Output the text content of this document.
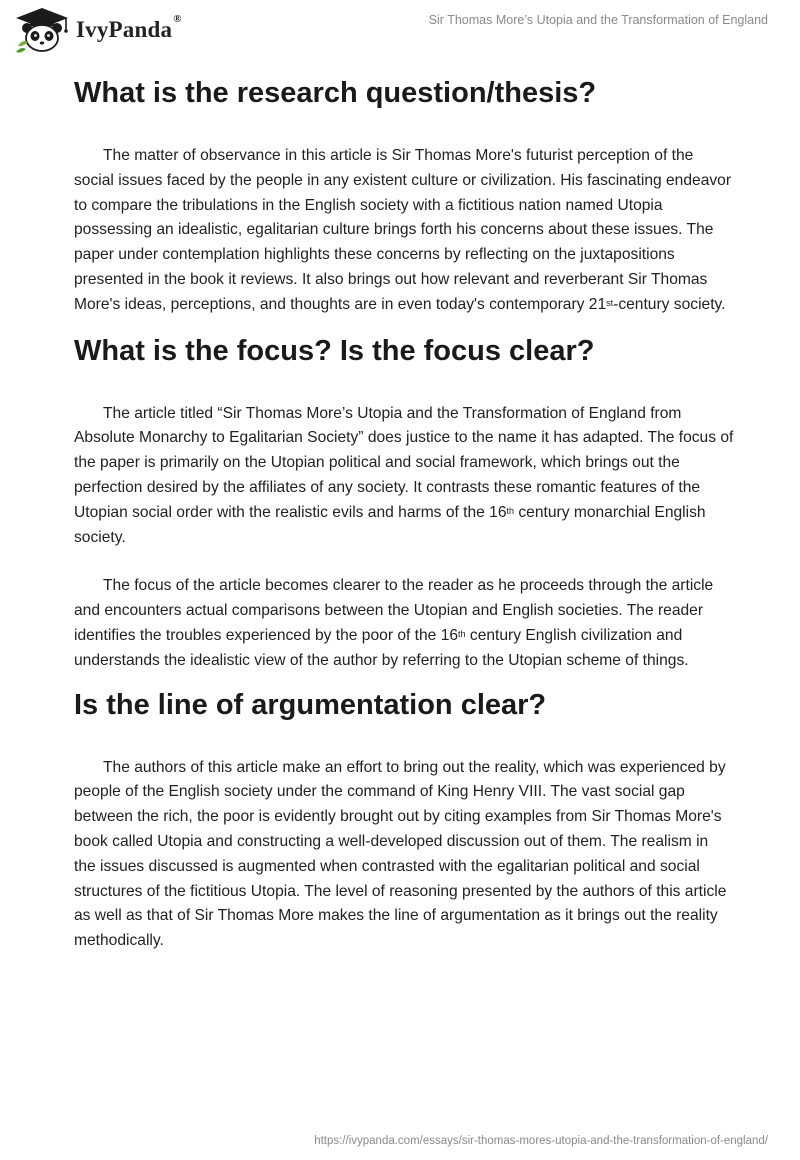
IvyPanda®	Sir Thomas More’s Utopia and the Transformation of England
What is the research question/thesis?

The matter of observance in this article is Sir Thomas More's futurist perception of the social issues faced by the people in any existent culture or civilization. His fascinating endeavor to compare the tribulations in the English society with a fictitious nation named Utopia possessing an idealistic, egalitarian culture brings forth his concerns about these issues. The paper under contemplation highlights these concerns by reflecting on the juxtapositions presented in the book it reviews. It also brings out how relevant and reverberant Sir Thomas More's ideas, perceptions, and thoughts are in even today's contemporary 21st-century society.

What is the focus? Is the focus clear?

The article titled “Sir Thomas More’s Utopia and the Transformation of England from Absolute Monarchy to Egalitarian Society” does justice to the name it has adapted. The focus of the paper is primarily on the Utopian political and social framework, which brings out the perfection desired by the affiliates of any society. It contrasts these romantic features of the Utopian social order with the realistic evils and harms of the 16th century monarchial English society.

The focus of the article becomes clearer to the reader as he proceeds through the article and encounters actual comparisons between the Utopian and English societies. The reader identifies the troubles experienced by the poor of the 16th century English civilization and understands the idealistic view of the author by referring to the Utopian scheme of things.

Is the line of argumentation clear?

The authors of this article make an effort to bring out the reality, which was experienced by people of the English society under the command of King Henry VIII. The vast social gap between the rich, the poor is evidently brought out by citing examples from Sir Thomas More's book called Utopia and constructing a well-developed discussion out of them. The realism in the issues discussed is augmented when contrasted with the egalitarian political and social structures of the fictitious Utopia. The level of reasoning presented by the authors of this article as well as that of Sir Thomas More makes the line of argumentation as it brings out the reality methodically.

https://ivypanda.com/essays/sir-thomas-mores-utopia-and-the-transformation-of-england/
